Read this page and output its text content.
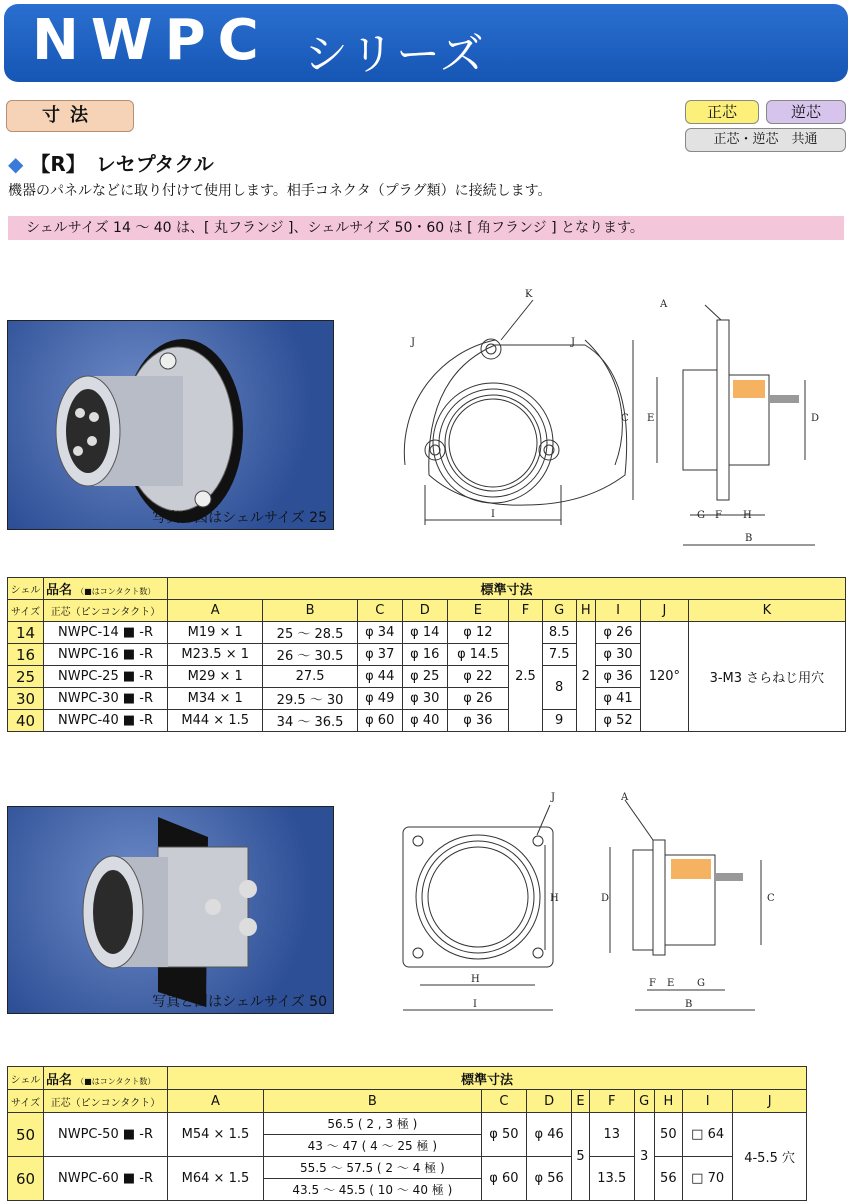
NWPC シリーズ
寸法	正芯	逆芯
正芯・逆芯　共通
◆ 【R】　レセプタクル
機器のパネルなどに取り付けて使用します。相手コネクタ（プラグ類）に接続します。
シェルサイズ 14 〜 40 は、[ 丸フランジ ]、シェルサイズ 50・60 は [ 角フランジ ] となります。
写真と図はシェルサイズ 25
K
J	J
I
A
C E	D
G F H
B
シェル	品名 （■はコンタクト数）	標準寸法										
サイズ	正芯（ピンコンタクト）	A	B	C	D	E	F	G	H	I	J	K
14	NWPC-14 ■ -R	M19 × 1	25 〜 28.5	φ 34	φ 14	φ 12	2.5	8.5	2	φ 26	120°	3-M3 さらねじ用穴
16	NWPC-16 ■ -R	M23.5 × 1	26 〜 30.5	φ 37	φ 16	φ 14.5		7.5		φ 30		
25	NWPC-25 ■ -R	M29 × 1	27.5	φ 44	φ 25	φ 22		8		φ 36		
30	NWPC-30 ■ -R	M34 × 1	29.5 〜 30	φ 49	φ 30	φ 26				φ 41		
40	NWPC-40 ■ -R	M44 × 1.5	34 〜 36.5	φ 60	φ 40	φ 36		9		φ 52		
写真と図はシェルサイズ 50
J
H
H
I
A
D	C
F E G
B
シェル	品名 （■はコンタクト数）	標準寸法									
サイズ	正芯（ピンコンタクト）	A	B	C	D	E	F	G	H	I	J
50	NWPC-50 ■ -R	M54 × 1.5	56.5 ( 2 , 3 極 )	φ 50	φ 46	5	13	3	50	□ 64	4-5.5 穴
			43 〜 47 ( 4 〜 25 極 )								
60	NWPC-60 ■ -R	M64 × 1.5	55.5 〜 57.5 ( 2 〜 4 極 )	φ 60	φ 56		13.5		56	□ 70	
			43.5 〜 45.5 ( 10 〜 40 極 )								
